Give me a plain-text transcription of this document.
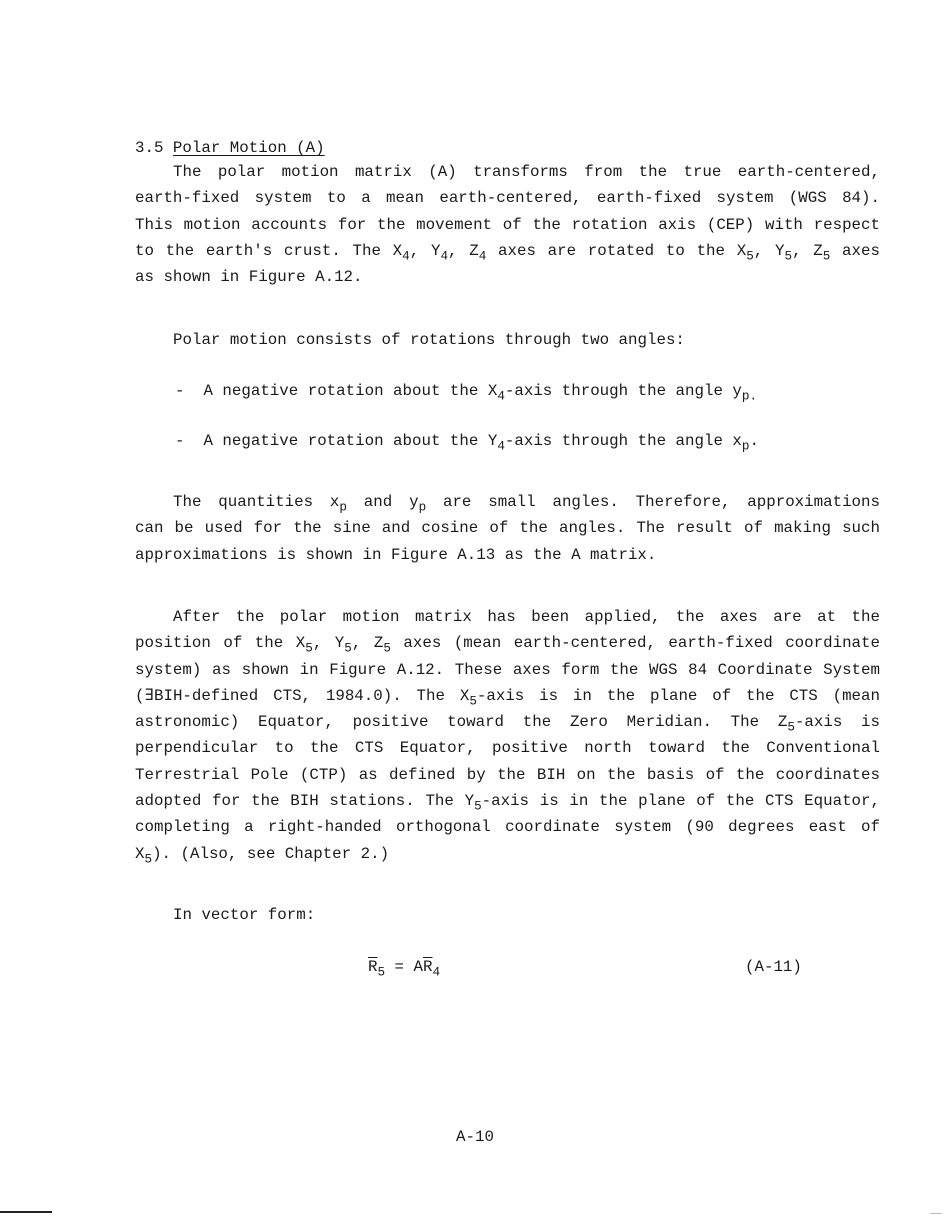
3.5 Polar Motion (A)
The polar motion matrix (A) transforms from the true earth-centered,
earth-fixed system to a mean earth-centered, earth-fixed system (WGS 84).
This motion accounts for the movement of the rotation axis (CEP) with respect
to the earth's crust. The $X_4$, $Y_4$, $Z_4$ axes are rotated to the $X_5$, $Y_5$, $Z_5$ axes
as shown in Figure A.12.
Polar motion consists of rotations through two angles:
-  A negative rotation about the $X_4$-axis through the angle $y_{p.}$
-  A negative rotation about the $Y_4$-axis through the angle $x_p$.
The quantities $x_p$ and $y_p$ are small angles. Therefore, approximations
can be used for the sine and cosine of the angles. The result of making such
approximations is shown in Figure A.13 as the A matrix.
After the polar motion matrix has been applied, the axes are at the
position of the $X_5$, $Y_5$, $Z_5$ axes (mean earth-centered, earth-fixed coordinate
system) as shown in Figure A.12. These axes form the WGS 84 Coordinate System
(∃BIH-defined CTS, 1984.0). The $X_5$-axis is in the plane of the CTS (mean
astronomic) Equator, positive toward the Zero Meridian. The $Z_5$-axis is
perpendicular to the CTS Equator, positive north toward the Conventional
Terrestrial Pole (CTP) as defined by the BIH on the basis of the coordinates
adopted for the BIH stations. The $Y_5$-axis is in the plane of the CTS Equator,
completing a right-handed orthogonal coordinate system (90 degrees east of
$X_5$). (Also, see Chapter 2.)
In vector form:
$\overline{R}_5 = A\overline{R}_4$	(A-11)
A-10
